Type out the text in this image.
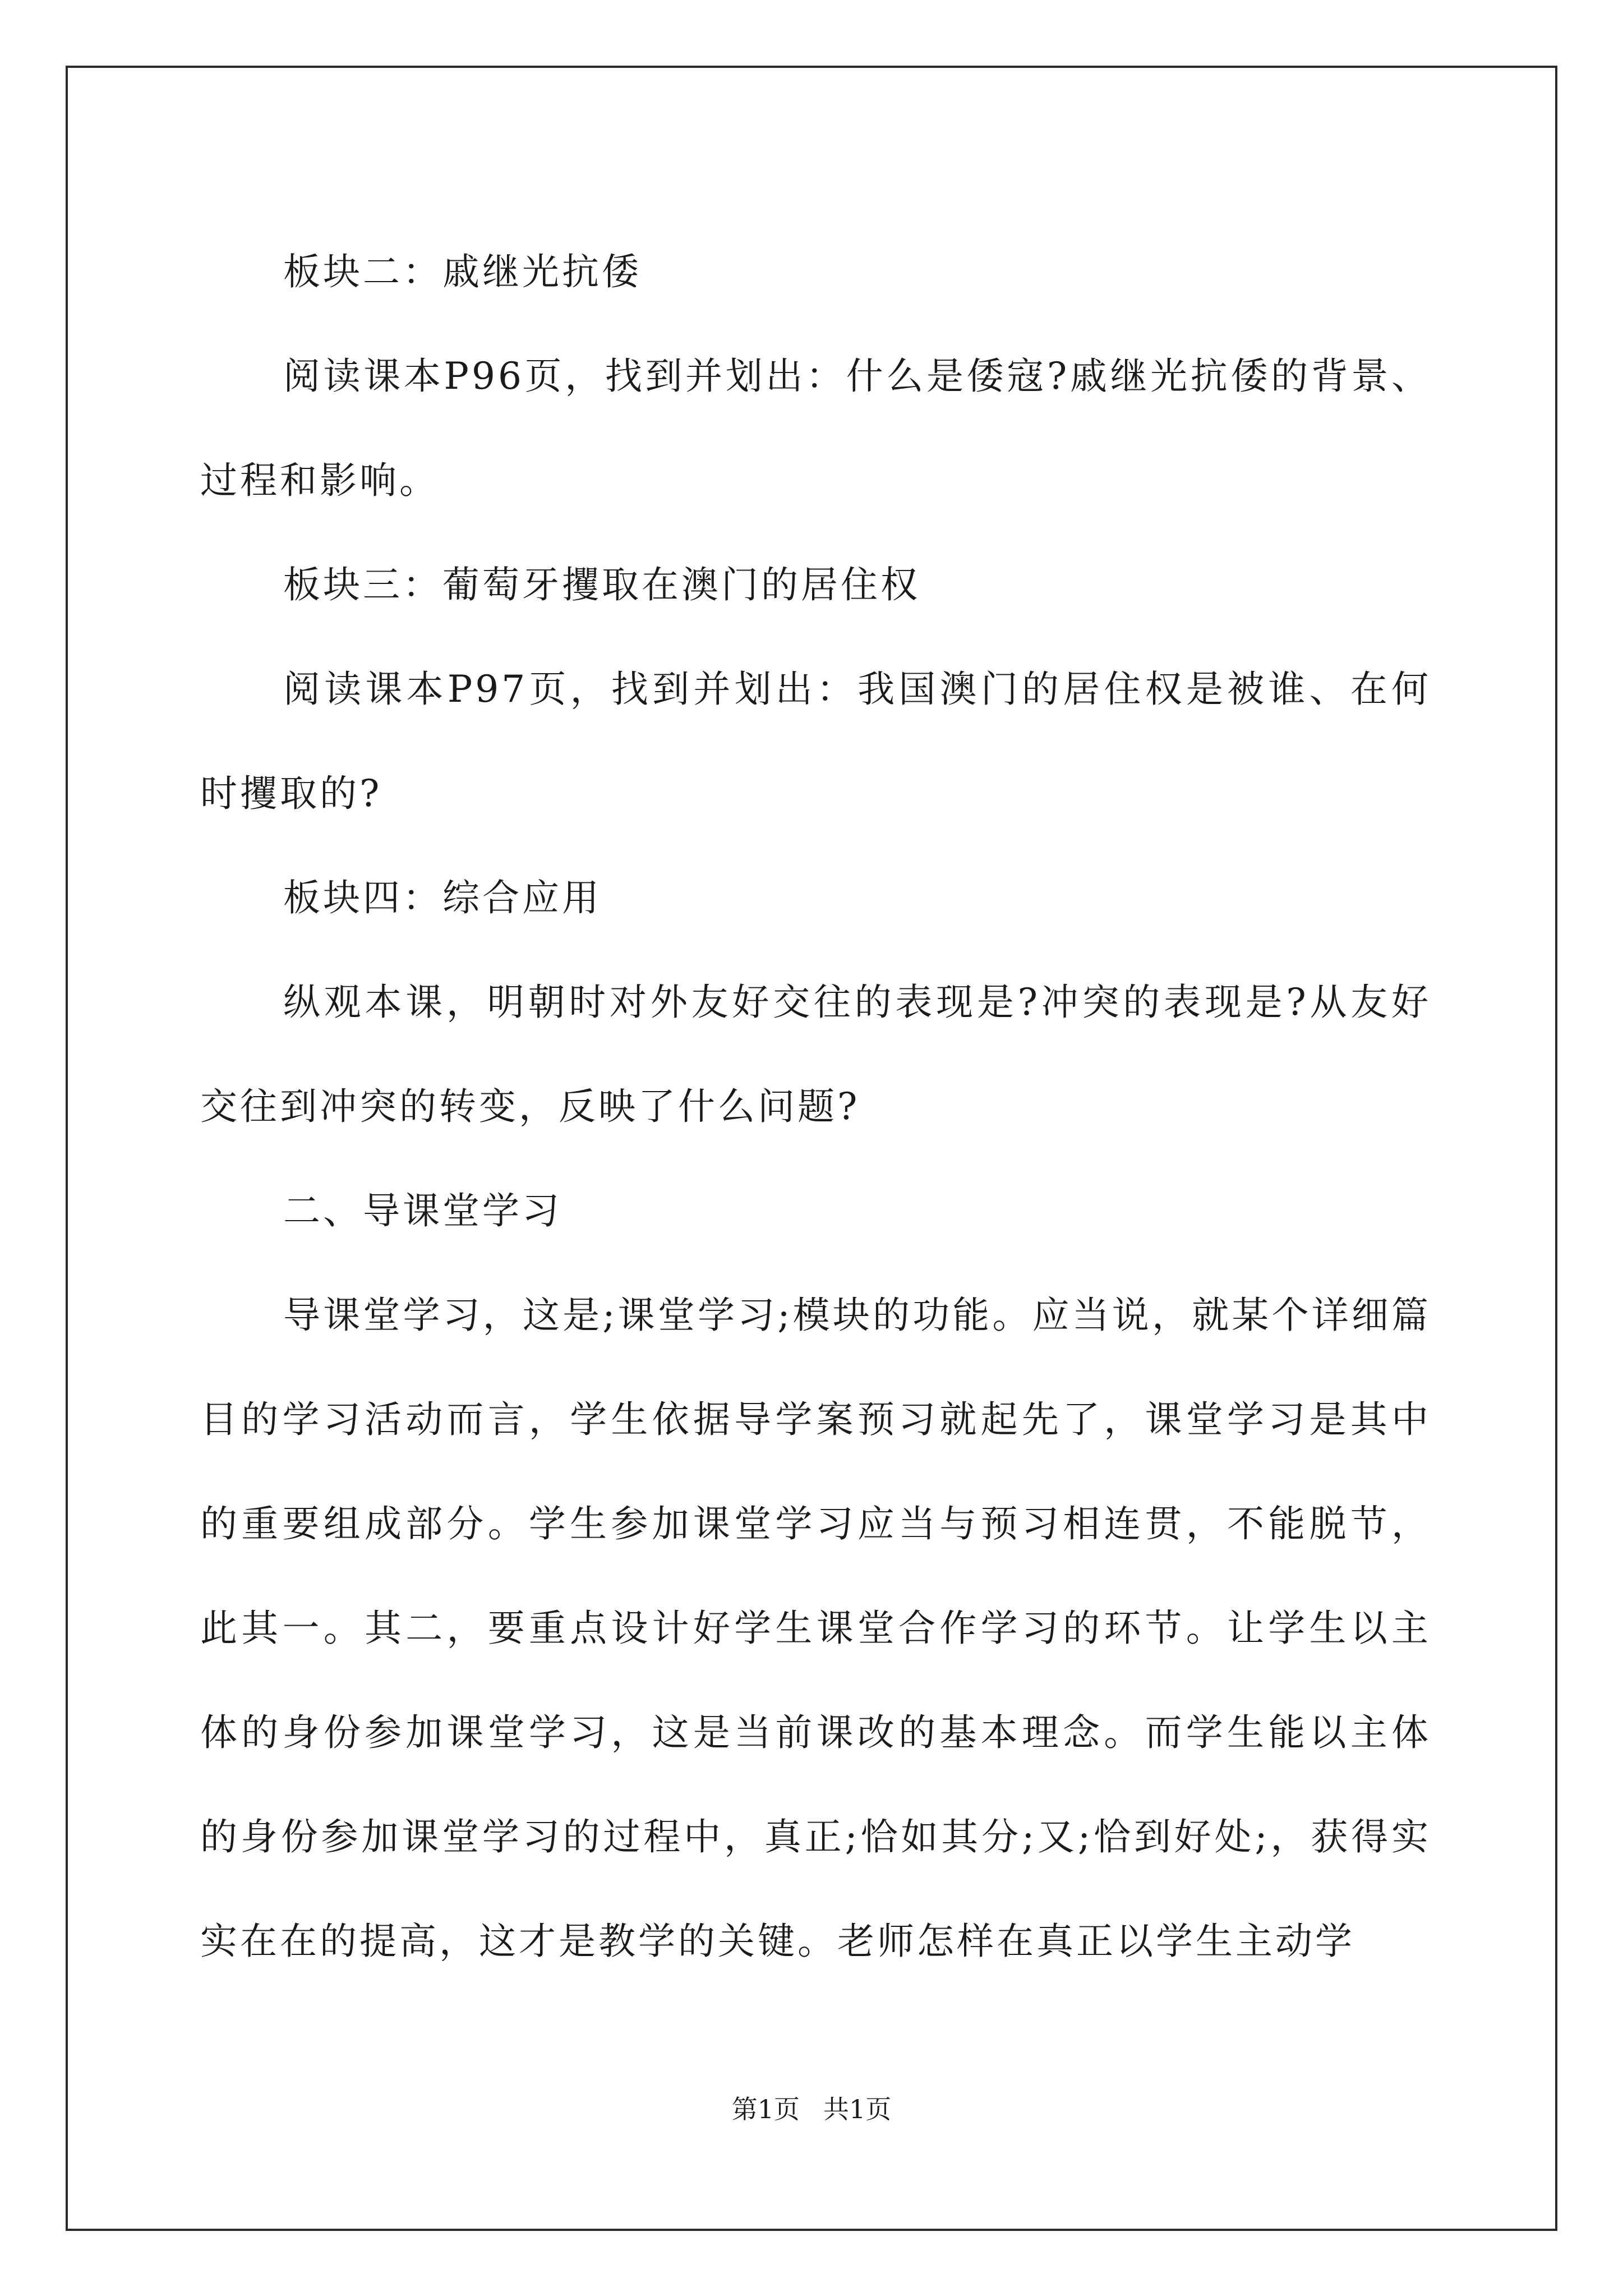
板块二：戚继光抗倭

阅读课本P96页，找到并划出：什么是倭寇?戚继光抗倭的背景、过程和影响。

板块三：葡萄牙攫取在澳门的居住权

阅读课本P97页，找到并划出：我国澳门的居住权是被谁、在何时攫取的?

板块四：综合应用

纵观本课，明朝时对外友好交往的表现是?冲突的表现是?从友好交往到冲突的转变，反映了什么问题?

二、导课堂学习

导课堂学习，这是;课堂学习;模块的功能。应当说，就某个详细篇目的学习活动而言，学生依据导学案预习就起先了，课堂学习是其中的重要组成部分。学生参加课堂学习应当与预习相连贯，不能脱节，此其一。其二，要重点设计好学生课堂合作学习的环节。让学生以主体的身份参加课堂学习，这是当前课改的基本理念。而学生能以主体的身份参加课堂学习的过程中，真正;恰如其分;又;恰到好处;，获得实实在在的提高，这才是教学的关键。老师怎样在真正以学生主动学

第1页 共1页
